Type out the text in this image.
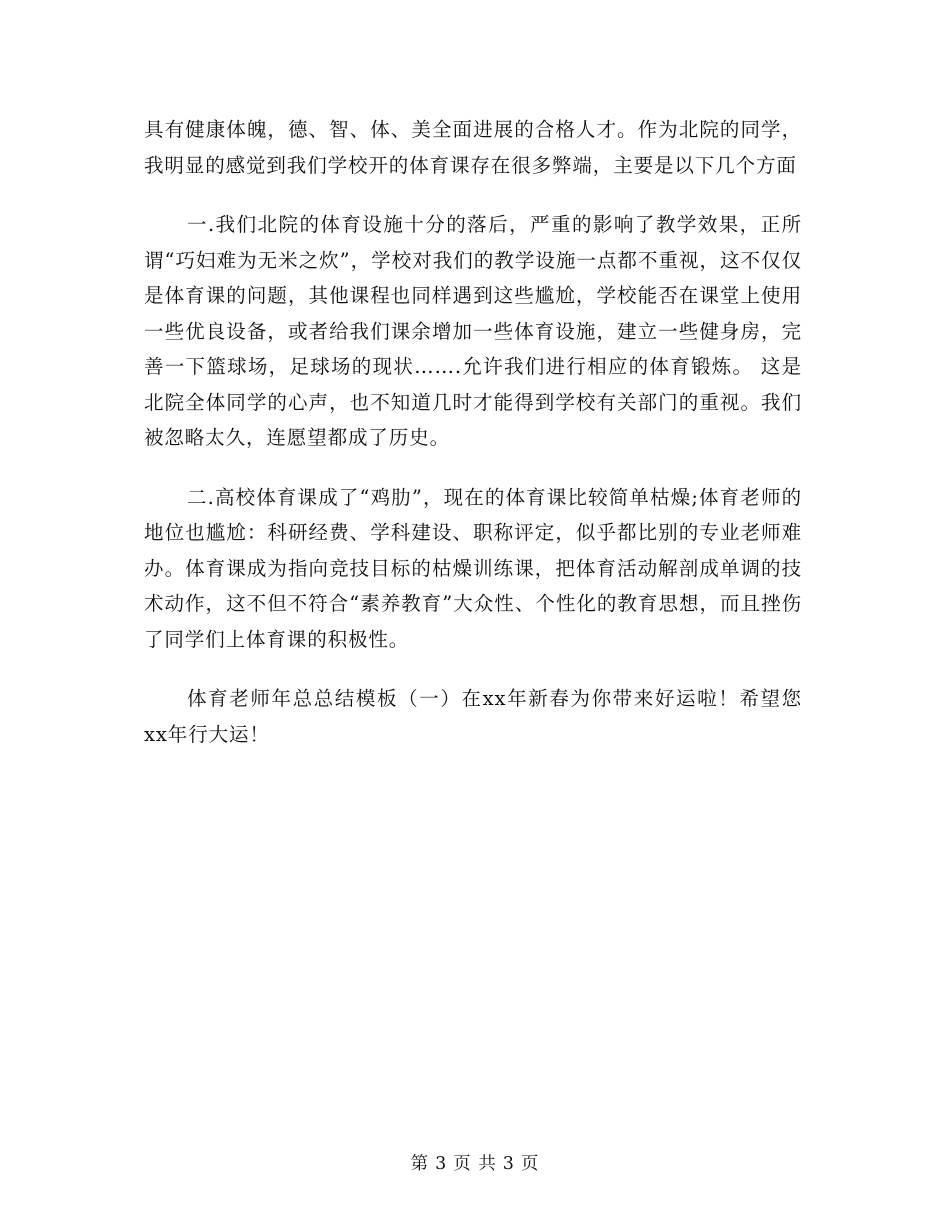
具有健康体魄，德、智、体、美全面进展的合格人才。作为北院的同学，我明显的感觉到我们学校开的体育课存在很多弊端，主要是以下几个方面

一.我们北院的体育设施十分的落后，严重的影响了教学效果，正所谓“巧妇难为无米之炊”，学校对我们的教学设施一点都不重视，这不仅仅是体育课的问题，其他课程也同样遇到这些尴尬，学校能否在课堂上使用一些优良设备，或者给我们课余增加一些体育设施，建立一些健身房，完善一下篮球场，足球场的现状…….允许我们进行相应的体育锻炼。 这是北院全体同学的心声，也不知道几时才能得到学校有关部门的重视。我们被忽略太久，连愿望都成了历史。

二.高校体育课成了“鸡肋”，现在的体育课比较简单枯燥;体育老师的地位也尴尬：科研经费、学科建设、职称评定，似乎都比别的专业老师难办。体育课成为指向竞技目标的枯燥训练课，把体育活动解剖成单调的技术动作，这不但不符合“素养教育”大众性、个性化的教育思想，而且挫伤了同学们上体育课的积极性。

体育老师年总总结模板（一）在xx年新春为你带来好运啦！希望您xx年行大运！

第 3 页 共 3 页
